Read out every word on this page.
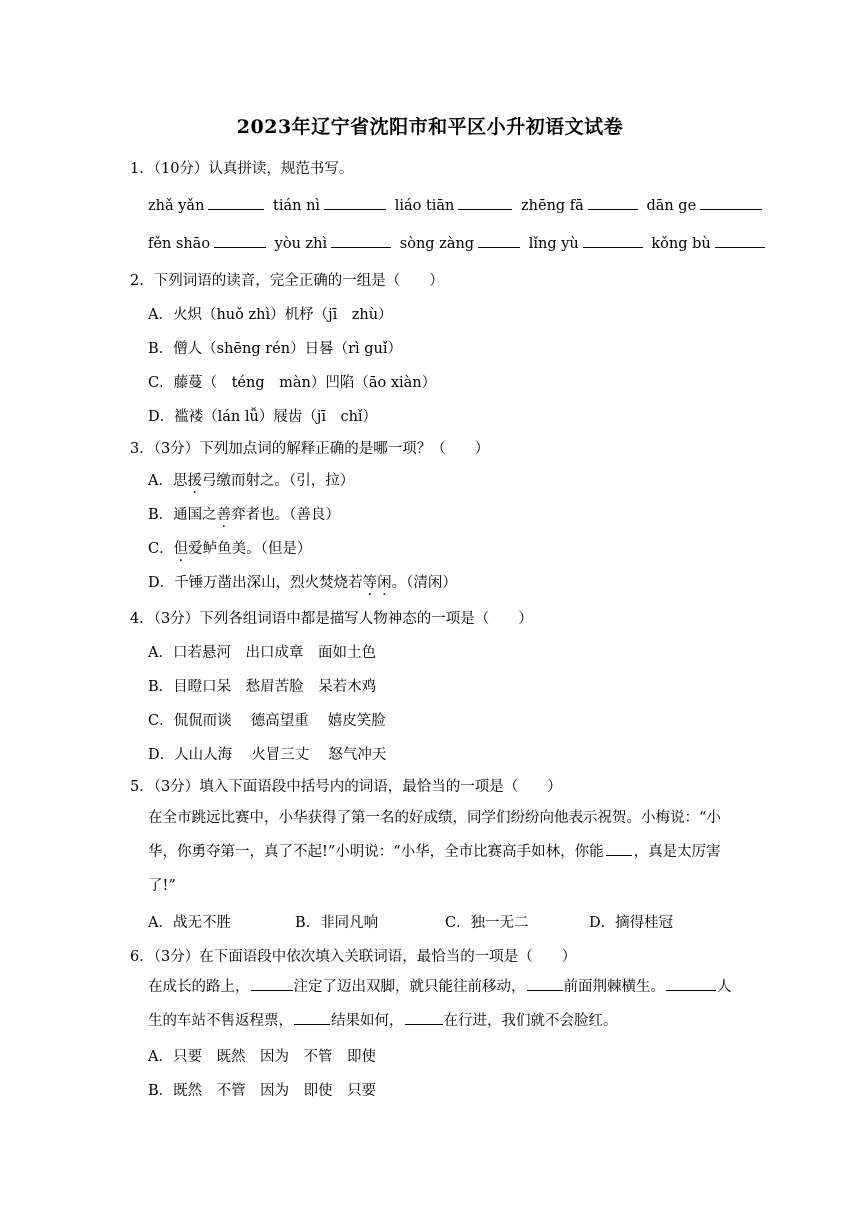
2023年辽宁省沈阳市和平区小升初语文试卷
1．（10分）认真拼读，规范书写。
zhǎ yǎn	tián nì	liáo tiān	zhēng fā	dān ge
fěn shāo	yòu zhì	sòng zàng	lǐng yù	kǒng bù
2．下列词语的读音，完全正确的一组是（　　）
A．火炽（huǒ zhì）机杼（jī　zhù）
B．僧人（shēng rén）日晷（rì guǐ）
C．藤蔓（　téng　màn）凹陷（āo xiàn）
D．褴褛（lán lǚ）屐齿（jī　chǐ）
3．（3分）下列加点词的解释正确的是哪一项？（　　）
A．思援弓缴而射之。（引，拉）
B．通国之善弈者也。（善良）
C．但爱鲈鱼美。（但是）
D．千锤万凿出深山，烈火焚烧若等闲。（清闲）
4．（3分）下列各组词语中都是描写人物神态的一项是（　　）
A．口若悬河　出口成章　面如土色
B．目瞪口呆　愁眉苦脸　呆若木鸡
C．侃侃而谈　 德高望重　 嬉皮笑脸
D．人山人海　 火冒三丈　 怒气冲天
5．（3分）填入下面语段中括号内的词语，最恰当的一项是（　　）
在全市跳远比赛中，小华获得了第一名的好成绩，同学们纷纷向他表示祝贺。小梅说：“小华，你勇夺第一，真了不起!”小明说：“小华，全市比赛高手如林，你能 ，真是太厉害了!”
A．战无不胜	B．非同凡响	C．独一无二	D．摘得桂冠
6．（3分）在下面语段中依次填入关联词语，最恰当的一项是（　　）
在成长的路上，	注定了迈出双脚，就只能往前移动，	前面荆棘横生。	人生的车站不售返程票，	结果如何，	在行进，我们就不会脸红。
A．只要　既然　因为　不管　即使
B．既然　不管　因为　即使　只要
